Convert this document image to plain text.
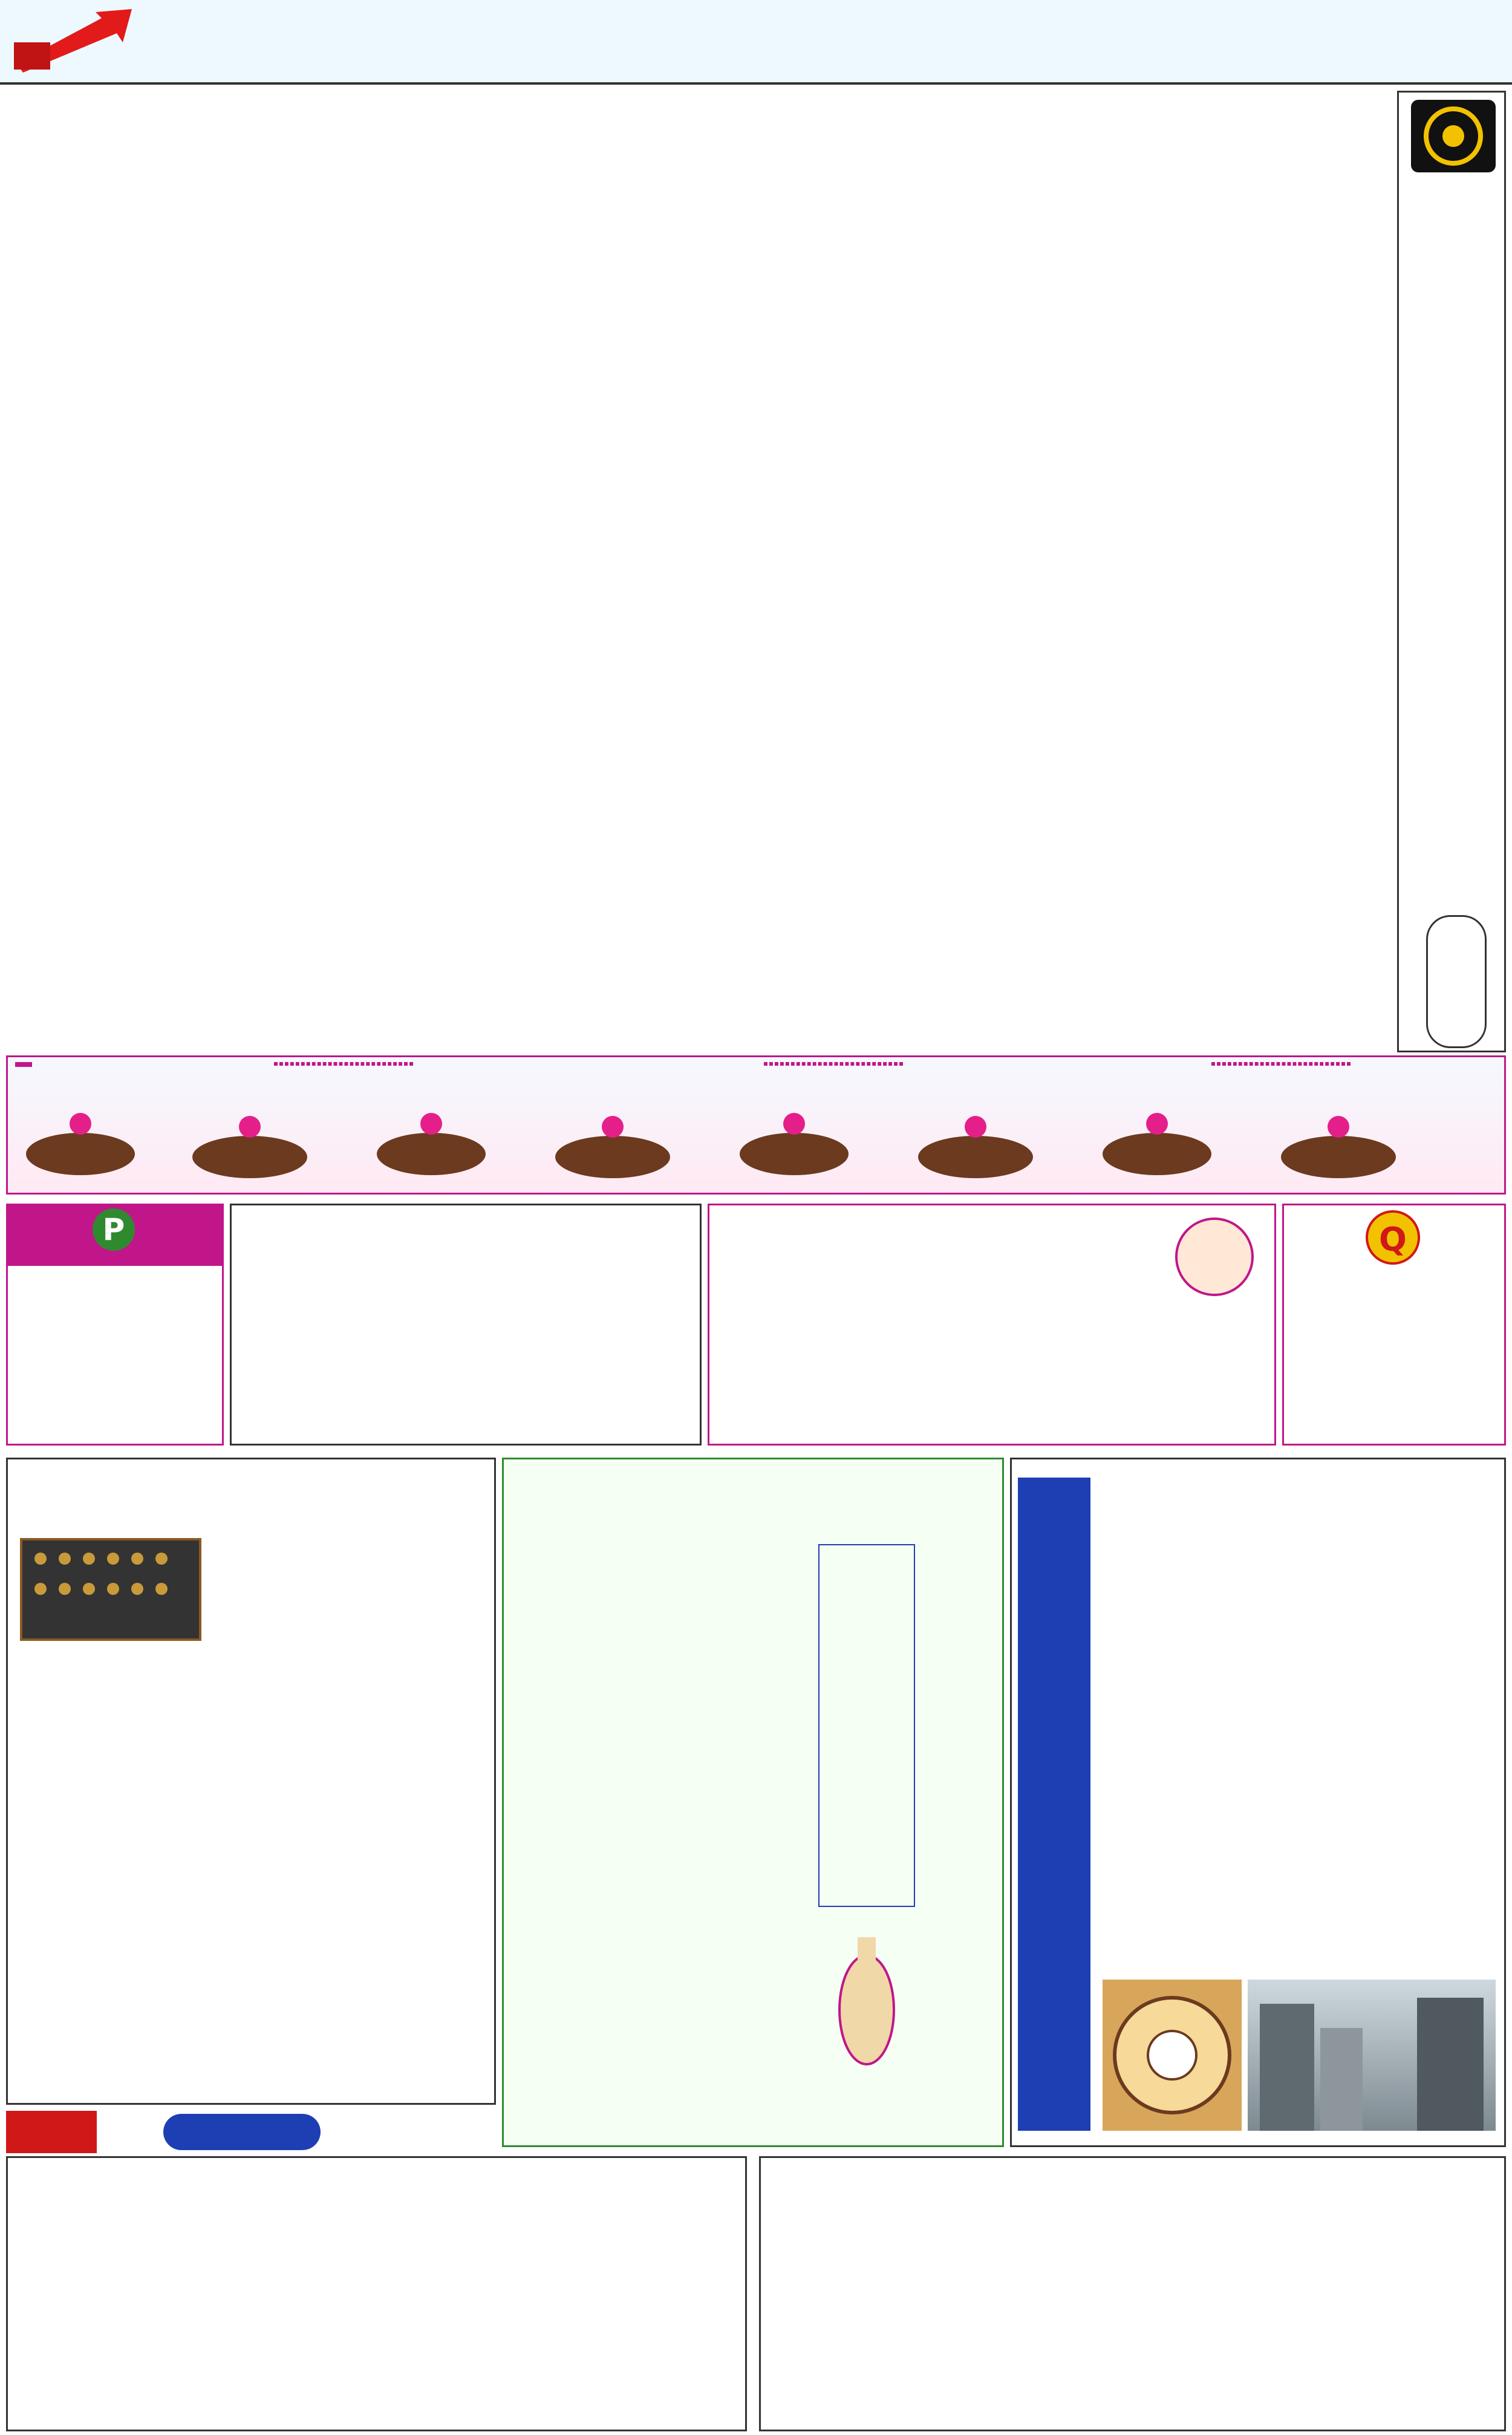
P	Q
